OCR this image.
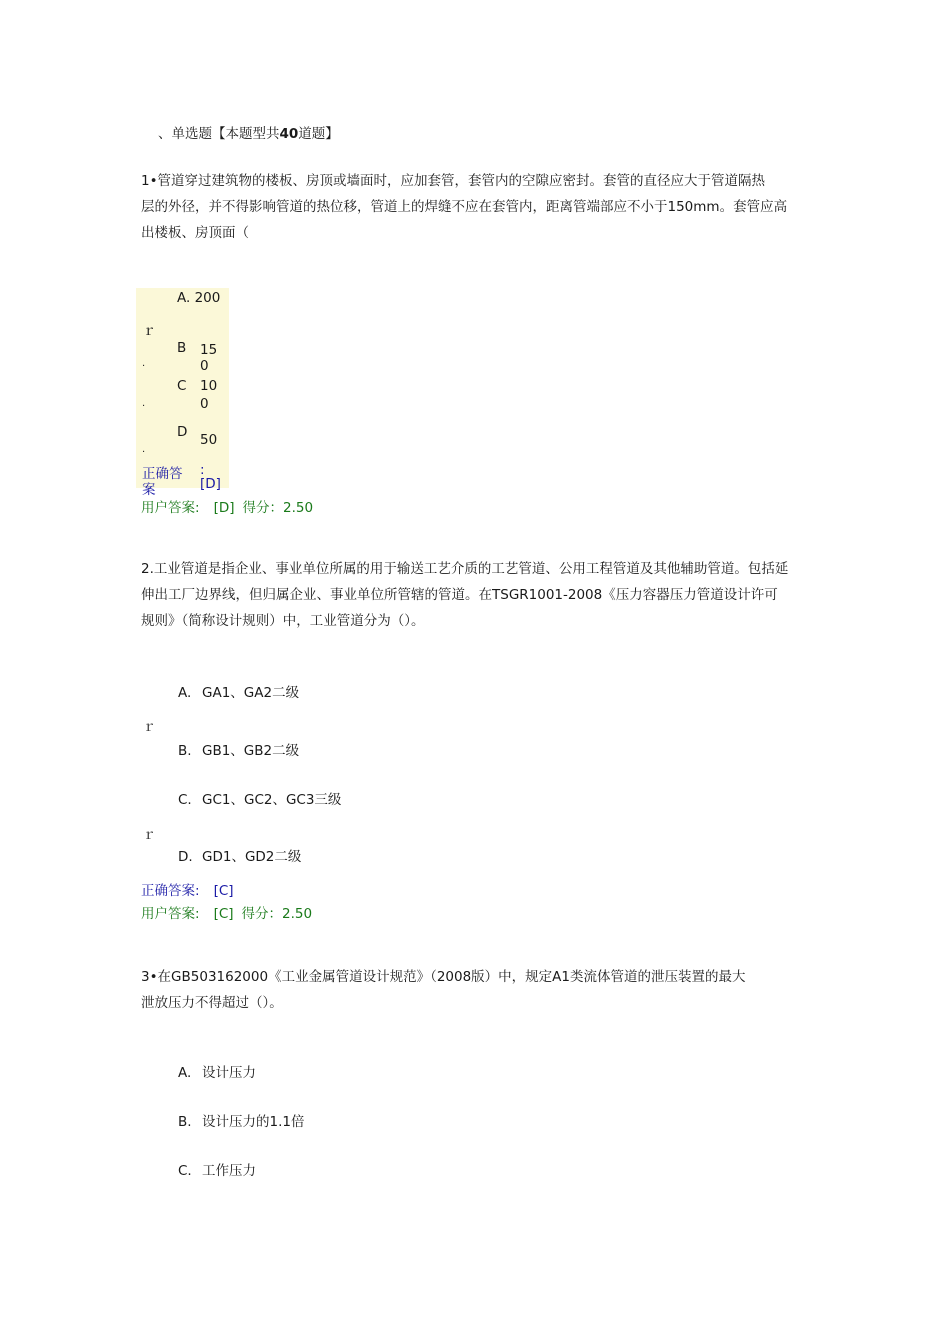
、单选题【本题型共40道题】
1•管道穿过建筑物的楼板、房顶或墙面时，应加套管，套管内的空隙应密封。套管的直径应大于管道隔热
层的外径，并不得影响管道的热位移，管道上的焊缝不应在套管内，距离管端部应不小于150mm。套管应高
出楼板、房顶面（
A. 200
ｒ
B 15
0
.
C 10
0
.
D 50
.
正确答
案
:
[D]
用户答案: [D] 得分：2.50
2.工业管道是指企业、事业单位所属的用于输送工艺介质的工艺管道、公用工程管道及其他辅助管道。包括延
伸出工厂边界线，但归属企业、事业单位所管辖的管道。在TSGR1001-2008《压力容器压力管道设计许可
规则》（简称设计规则）中，工业管道分为（）。
A. GA1、GA2二级
ｒ
B. GB1、GB2二级
C. GC1、GC2、GC3三级
ｒ
D. GD1、GD2二级
正确答案: [C]
用户答案: [C] 得分：2.50
3•在GB503162000《工业金属管道设计规范》（2008版）中，规定A1类流体管道的泄压装置的最大
泄放压力不得超过（）。
A. 设计压力
B. 设计压力的1.1倍
C. 工作压力
